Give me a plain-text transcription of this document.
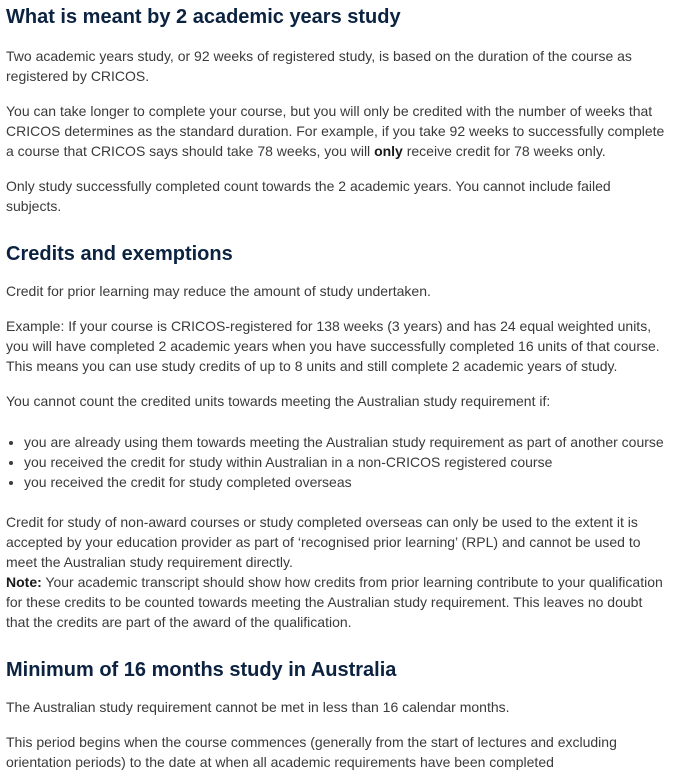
What is meant by 2 academic years study

Two academic years study, or 92 weeks of registered study, is based on the duration of the course as registered by CRICOS.

You can take longer to complete your course, but you will only be credited with the number of weeks that CRICOS determines as the standard duration. For example, if you take 92 weeks to successfully complete a course that CRICOS says should take 78 weeks, you will only receive credit for 78 weeks only.

Only study successfully completed count towards the 2 academic years. You cannot include failed subjects.

Credits and exemptions

Credit for prior learning may reduce the amount of study undertaken.

Example: If your course is CRICOS-registered for 138 weeks (3 years) and has 24 equal weighted units, you will have completed 2 academic years when you have successfully completed 16 units of that course. This means you can use study credits of up to 8 units and still complete 2 academic years of study.

You cannot count the credited units towards meeting the Australian study requirement if:

• you are already using them towards meeting the Australian study requirement as part of another course
• you received the credit for study within Australian in a non-CRICOS registered course
• you received the credit for study completed overseas

Credit for study of non-award courses or study completed overseas can only be used to the extent it is accepted by your education provider as part of ‘recognised prior learning’ (RPL) and cannot be used to meet the Australian study requirement directly.

Note: Your academic transcript should show how credits from prior learning contribute to your qualification for these credits to be counted towards meeting the Australian study requirement. This leaves no doubt that the credits are part of the award of the qualification.

Minimum of 16 months study in Australia

The Australian study requirement cannot be met in less than 16 calendar months.

This period begins when the course commences (generally from the start of lectures and excluding orientation periods) to the date at when all academic requirements have been completed
